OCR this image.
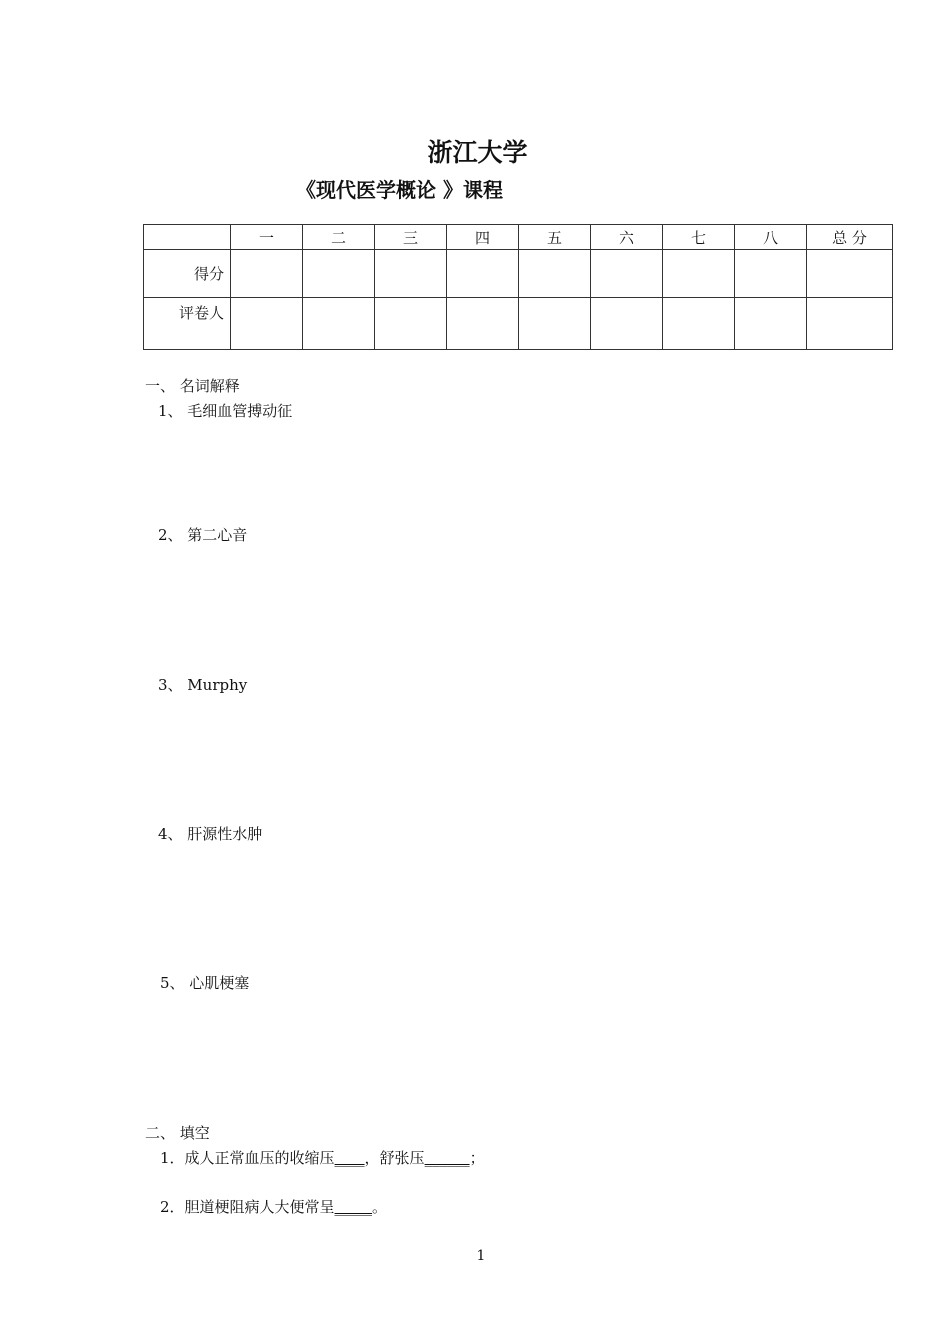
浙江大学
《现代医学概论 》课程
	一	二	三	四	五	六	七	八	总 分
得分									
评卷人									
一、 名词解释
1、 毛细血管搏动征
2、 第二心音
3、 Murphy
4、 肝源性水肿
5、 心肌梗塞
二、 填空
1．成人正常血压的收缩压____，舒张压______；
2．胆道梗阻病人大便常呈_____。
1
